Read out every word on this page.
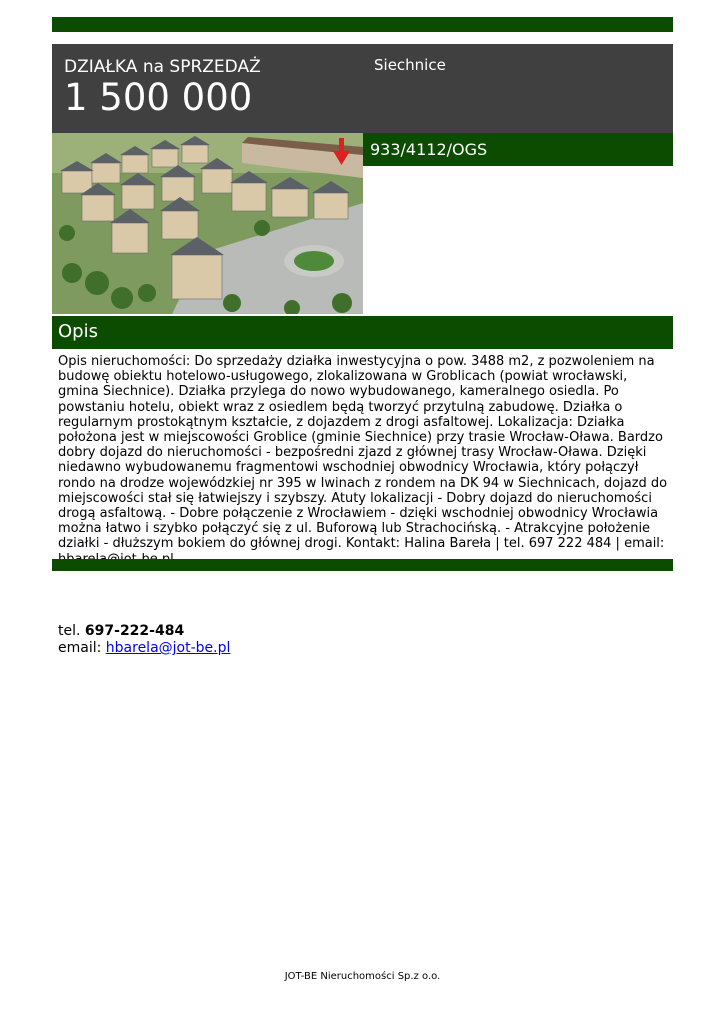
DZIAŁKA na SPRZEDAŻ
1 500 000
Siechnice
933/4112/OGS
Opis
Opis nieruchomości: Do sprzedaży działka inwestycyjna o pow. 3488 m2, z pozwoleniem na budowę obiektu hotelowo-usługowego, zlokalizowana w Groblicach (powiat wrocławski, gmina Siechnice). Działka przylega do nowo wybudowanego, kameralnego osiedla. Po powstaniu hotelu, obiekt wraz z osiedlem będą tworzyć przytulną zabudowę. Działka o regularnym prostokątnym kształcie, z dojazdem z drogi asfaltowej. Lokalizacja: Działka położona jest w miejscowości Groblice (gminie Siechnice) przy trasie Wrocław-Oława. Bardzo dobry dojazd do nieruchomości - bezpośredni zjazd z głównej trasy Wrocław-Oława. Dzięki niedawno wybudowanemu fragmentowi wschodniej obwodnicy Wrocławia, który połączył rondo na drodze wojewódzkiej nr 395 w Iwinach z rondem na DK 94 w Siechnicach, dojazd do miejscowości stał się łatwiejszy i szybszy. Atuty lokalizacji - Dobry dojazd do nieruchomości drogą asfaltową. - Dobre połączenie z Wrocławiem - dzięki wschodniej obwodnicy Wrocławia można łatwo i szybko połączyć się z ul. Buforową lub Strachocińską. - Atrakcyjne położenie działki - dłuższym bokiem do głównej drogi. Kontakt: Halina Bareła | tel. 697 222 484 | email:
tel. 697-222-484
email: hbarela@jot-be.pl
JOT-BE Nieruchomości Sp.z o.o.
